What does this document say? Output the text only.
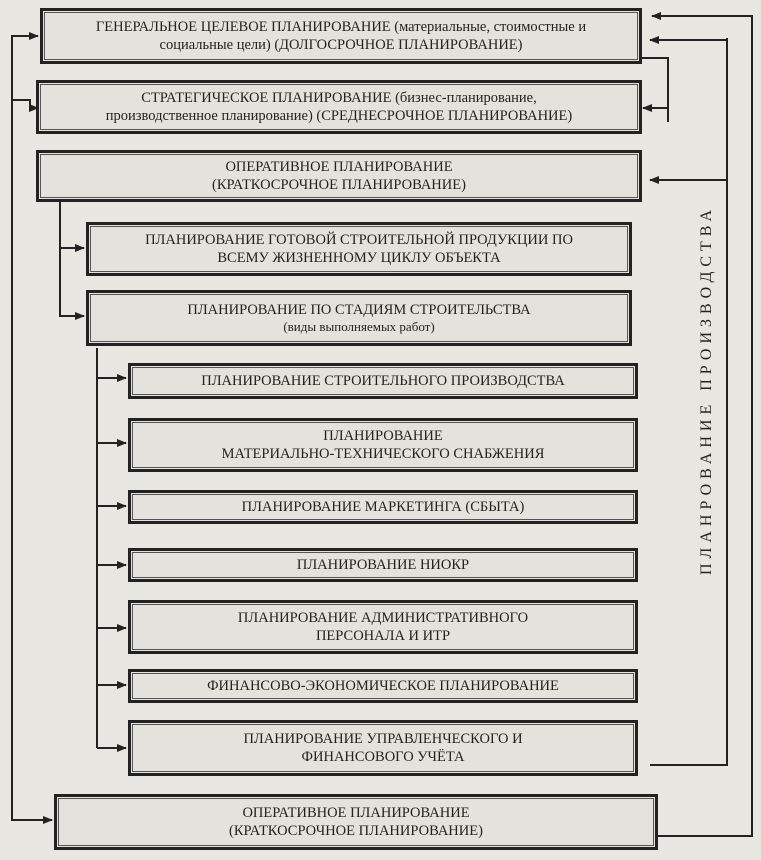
ГЕНЕРАЛЬНОЕ ЦЕЛЕВОЕ ПЛАНИРОВАНИЕ (материальные, стоимостные и
социальные цели) (ДОЛГОСРОЧНОЕ ПЛАНИРОВАНИЕ)
СТРАТЕГИЧЕСКОЕ ПЛАНИРОВАНИЕ (бизнес-планирование,
производственное планирование) (СРЕДНЕСРОЧНОЕ ПЛАНИРОВАНИЕ)
ОПЕРАТИВНОЕ ПЛАНИРОВАНИЕ
(КРАТКОСРОЧНОЕ ПЛАНИРОВАНИЕ)
ПЛАНИРОВАНИЕ ГОТОВОЙ СТРОИТЕЛЬНОЙ ПРОДУКЦИИ ПО
ВСЕМУ ЖИЗНЕННОМУ ЦИКЛУ ОБЪЕКТА
ПЛАНИРОВАНИЕ ПО СТАДИЯМ СТРОИТЕЛЬСТВА
(виды выполняемых работ)
ПЛАНИРОВАНИЕ СТРОИТЕЛЬНОГО ПРОИЗВОДСТВА
ПЛАНИРОВАНИЕ
МАТЕРИАЛЬНО-ТЕХНИЧЕСКОГО СНАБЖЕНИЯ
ПЛАНИРОВАНИЕ МАРКЕТИНГА (СБЫТА)
ПЛАНИРОВАНИЕ НИОКР
ПЛАНИРОВАНИЕ АДМИНИСТРАТИВНОГО
ПЕРСОНАЛА И ИТР
ФИНАНСОВО-ЭКОНОМИЧЕСКОЕ ПЛАНИРОВАНИЕ
ПЛАНИРОВАНИЕ УПРАВЛЕНЧЕСКОГО И
ФИНАНСОВОГО УЧЁТА
ОПЕРАТИВНОЕ ПЛАНИРОВАНИЕ
(КРАТКОСРОЧНОЕ ПЛАНИРОВАНИЕ)
ПЛАНРОВАНИЕ ПРОИЗВОДСТВА
